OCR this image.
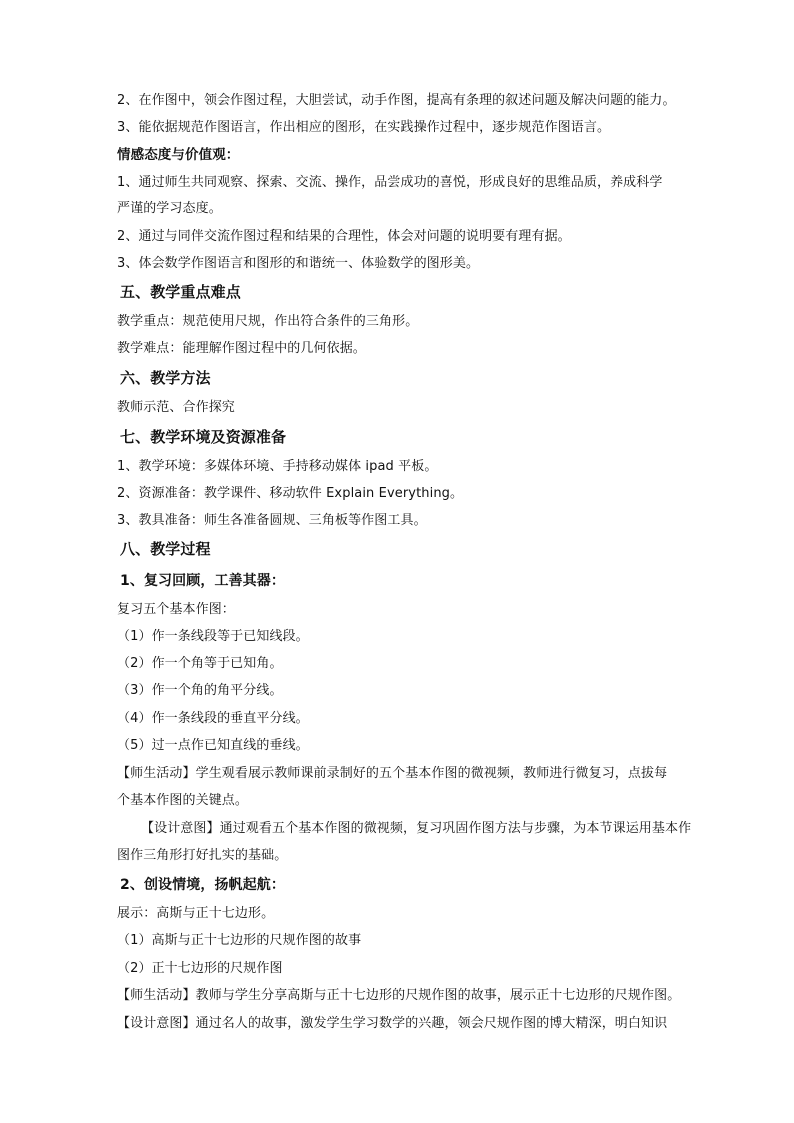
2、在作图中，领会作图过程，大胆尝试，动手作图，提高有条理的叙述问题及解决问题的能力。
3、能依据规范作图语言，作出相应的图形，在实践操作过程中，逐步规范作图语言。
情感态度与价值观：
1、通过师生共同观察、探索、交流、操作，品尝成功的喜悦，形成良好的思维品质，养成科学
严谨的学习态度。
2、通过与同伴交流作图过程和结果的合理性，体会对问题的说明要有理有据。
3、体会数学作图语言和图形的和谐统一、体验数学的图形美。
五、教学重点难点
教学重点：规范使用尺规，作出符合条件的三角形。
教学难点：能理解作图过程中的几何依据。
六、教学方法
教师示范、合作探究
七、教学环境及资源准备
1、教学环境：多媒体环境、手持移动媒体 ipad 平板。
2、资源准备：教学课件、移动软件 Explain Everything。
3、教具准备：师生各准备圆规、三角板等作图工具。
八、教学过程
1、复习回顾，工善其器：
复习五个基本作图：
（1）作一条线段等于已知线段。
（2）作一个角等于已知角。
（3）作一个角的角平分线。
（4）作一条线段的垂直平分线。
（5）过一点作已知直线的垂线。
【师生活动】学生观看展示教师课前录制好的五个基本作图的微视频，教师进行微复习，点拔每
个基本作图的关键点。
【设计意图】通过观看五个基本作图的微视频，复习巩固作图方法与步骤，为本节课运用基本作
图作三角形打好扎实的基础。
2、创设情境，扬帆起航：
展示：高斯与正十七边形。
（1）高斯与正十七边形的尺规作图的故事
（2）正十七边形的尺规作图
【师生活动】教师与学生分享高斯与正十七边形的尺规作图的故事，展示正十七边形的尺规作图。
【设计意图】通过名人的故事，激发学生学习数学的兴趣，领会尺规作图的博大精深，明白知识
